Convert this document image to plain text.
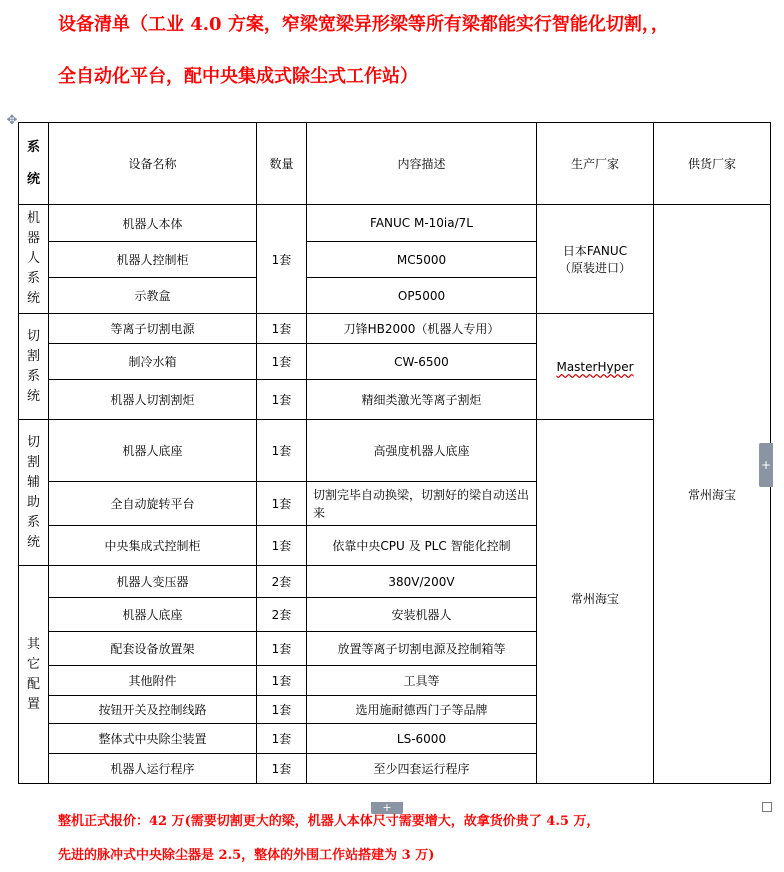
设备清单（工业 4.0 方案，窄梁宽梁异形梁等所有梁都能实行智能化切割，，
全自动化平台，配中央集成式除尘式工作站）
✥
系统	设备名称	数量	内容描述	生产厂家	供货厂家
机器人系统	机器人本体	1套	FANUC M-10ia/7L	日本FANUC
（原装进口）	常州海宝
	机器人控制柜		MC5000		
	示教盒		OP5000		
切割系统	等离子切割电源	1套	刀锋HB2000（机器人专用）	MasterHyper	
	制冷水箱	1套	CW-6500		
	机器人切割割炬	1套	精细类激光等离子割炬		
切割辅助系统	机器人底座	1套	高强度机器人底座	常州海宝	
	全自动旋转平台	1套	切割完毕自动换梁，切割好的梁自动送出来		
	中央集成式控制柜	1套	依靠中央CPU 及 PLC 智能化控制		
其它配置	机器人变压器	2套	380V/200V		
	机器人底座	2套	安装机器人		
	配套设备放置架	1套	放置等离子切割电源及控制箱等		
	其他附件	1套	工具等		
	按钮开关及控制线路	1套	选用施耐德西门子等品牌		
	整体式中央除尘装置	1套	LS-6000		
	机器人运行程序	1套	至少四套运行程序		
+
+
整机正式报价：42 万(需要切割更大的梁，机器人本体尺寸需要增大，故拿货价贵了 4.5 万，
先进的脉冲式中央除尘器是 2.5，整体的外围工作站搭建为 3 万)
